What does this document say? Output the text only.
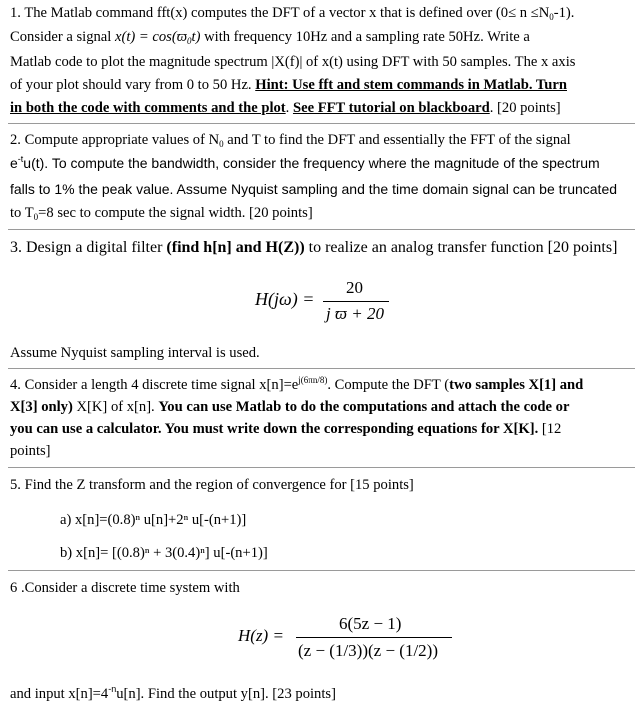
1. The Matlab command fft(x) computes the DFT of a vector x that is defined over $(0\le n \le N_0-1)$.
Consider a signal $x(t) = \cos(ϖ_0t)$ with frequency 10Hz and a sampling rate 50Hz. Write a
Matlab code to plot the magnitude spectrum |X(f)| of x(t) using DFT with 50 samples. The x axis
of your plot should vary from 0 to 50 Hz. Hint: Use fft and stem commands in Matlab. Turn
in both the code with comments and the plot. See FFT tutorial on blackboard. [20 points]
2. Compute appropriate values of $N_0$ and T to find the DFT and essentially the FFT of the signal
$e^{-t}u(t)$. To compute the bandwidth, consider the frequency where the magnitude of the spectrum
falls to 1% the peak value. Assume Nyquist sampling and the time domain signal can be truncated
to $T_0=8$ sec to compute the signal width. [20 points]
3. Design a digital filter (find h[n] and H(Z)) to realize an analog transfer function [20 points]
H(jω) =
20
j ϖ + 20
Assume Nyquist sampling interval is used.
4. Consider a length 4 discrete time signal $x[n]=e^{j(6\pi n/8)}$. Compute the DFT (two samples X[1] and
X[3] only) X[K] of x[n]. You can use Matlab to do the computations and attach the code or
you can use a calculator. You must write down the corresponding equations for X[K]. [12
points]
5. Find the Z transform and the region of convergence for [15 points]
a) x[n]=(0.8)ⁿ u[n]+2ⁿ u[-(n+1)]
b) x[n]= [(0.8)ⁿ + 3(0.4)ⁿ] u[-(n+1)]
6 .Consider a discrete time system with
H(z) =
6(5z − 1)
(z − (1/3))(z − (1/2))
and input $x[n]=4^{-n}u[n]$. Find the output y[n]. [23 points]
